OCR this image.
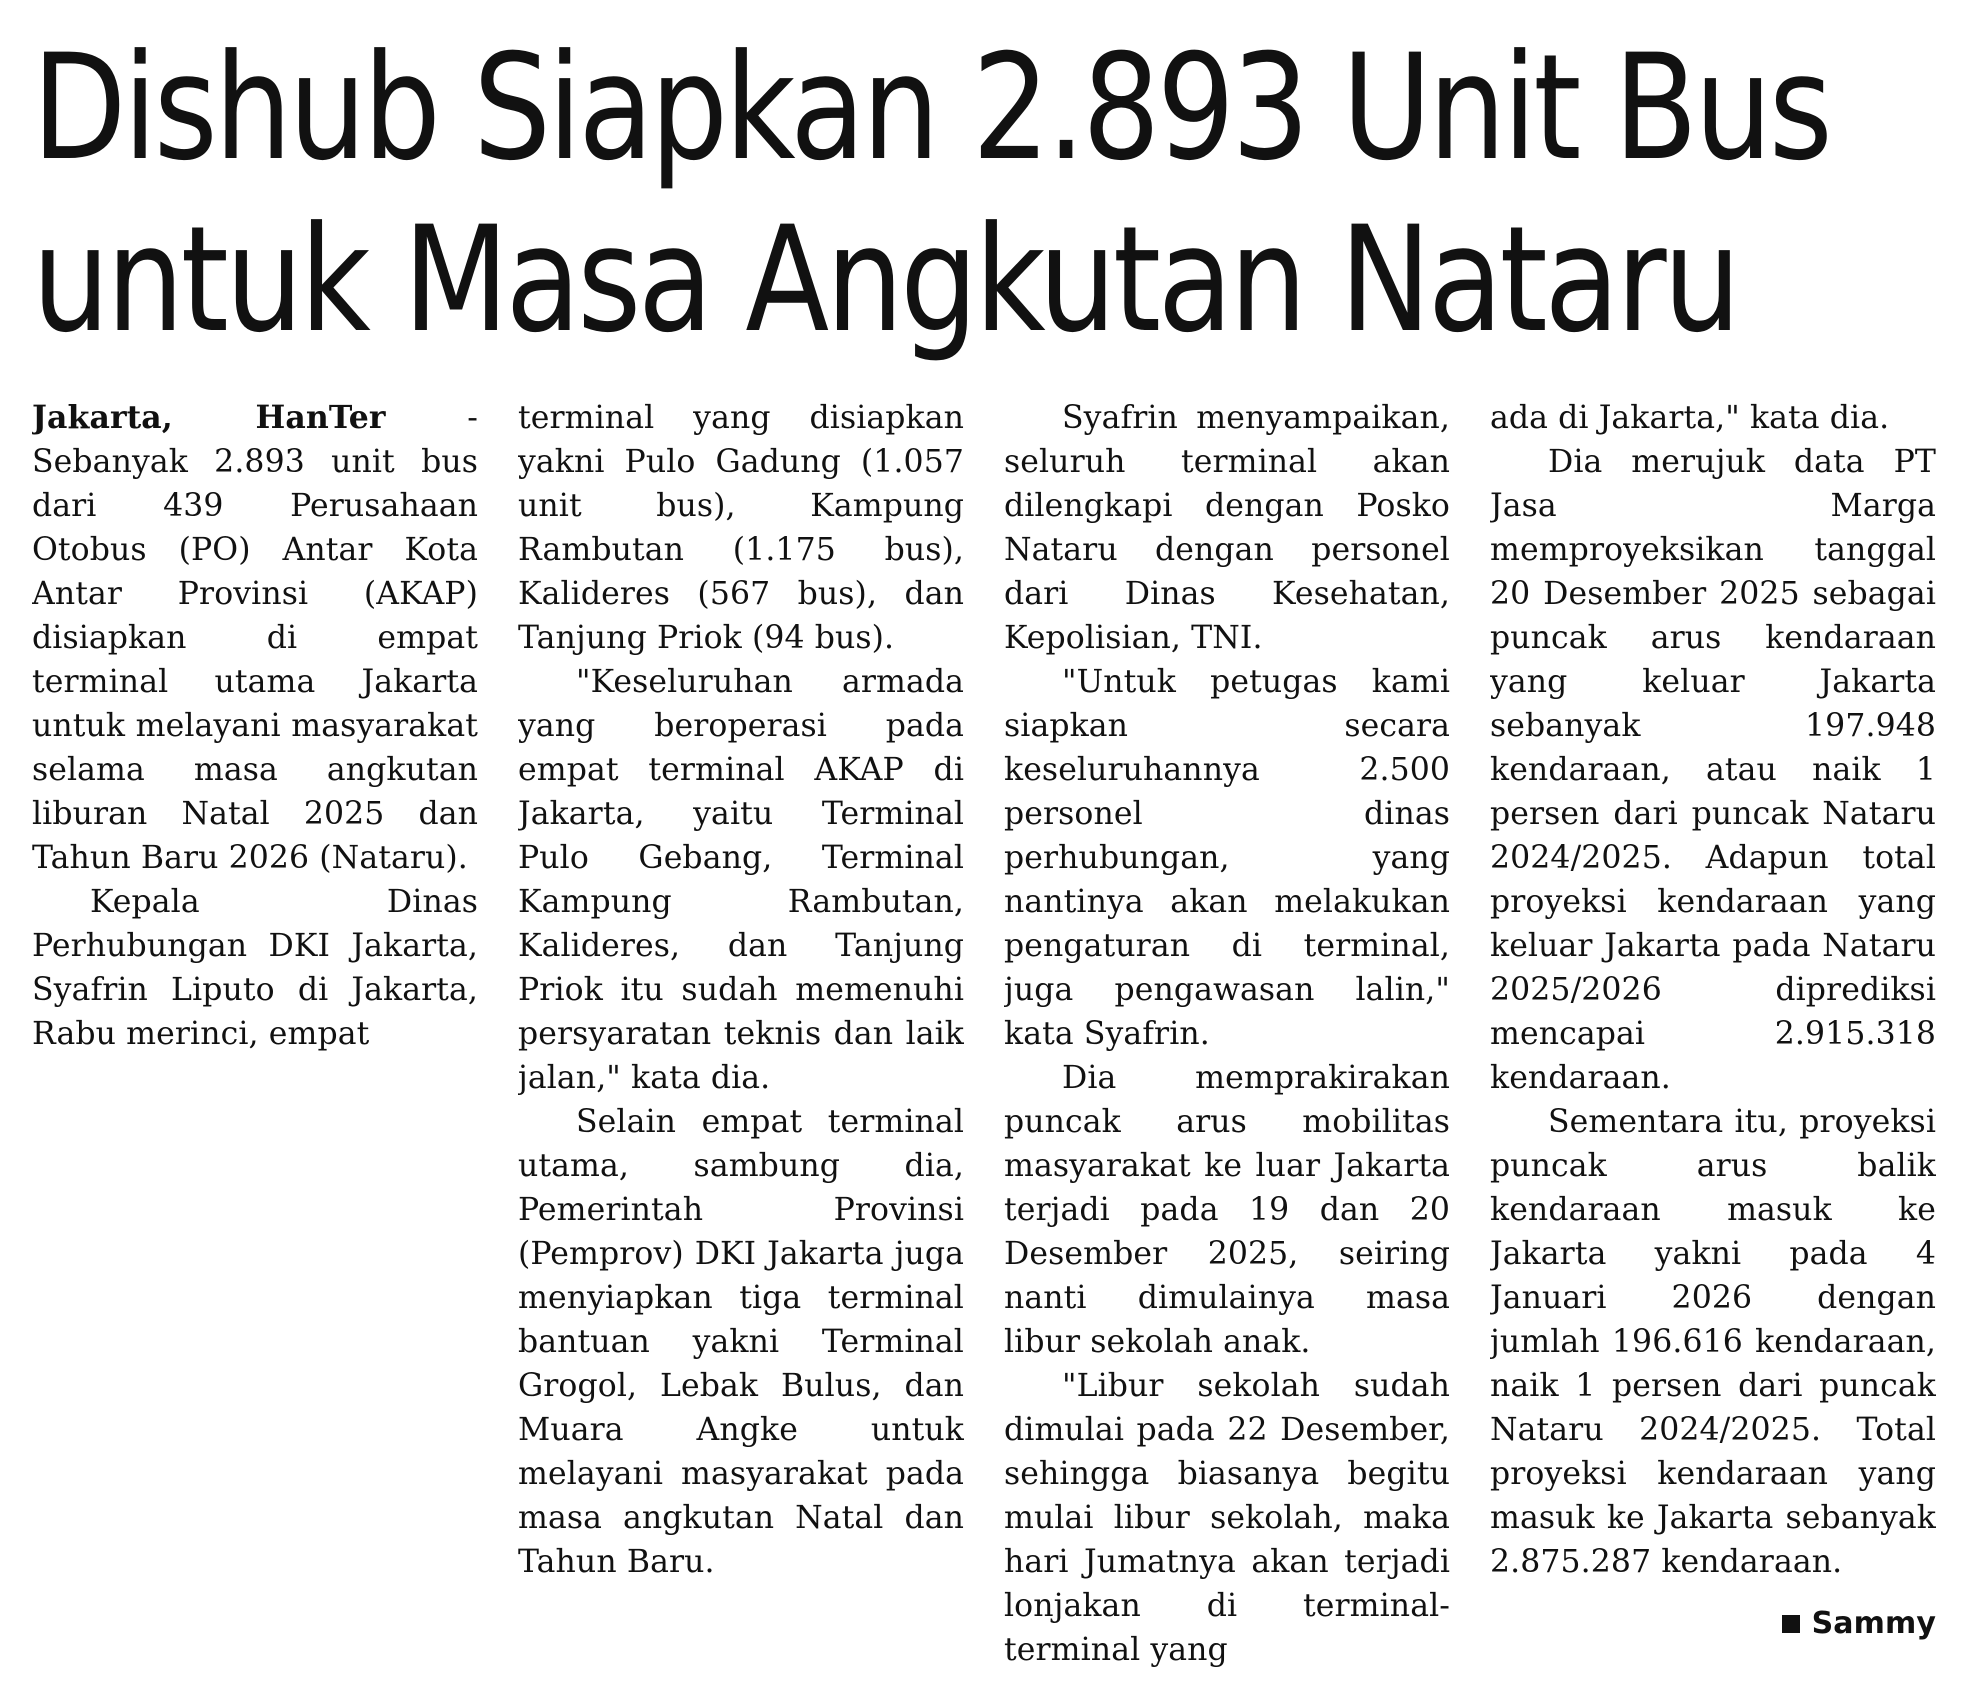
Dishub Siapkan 2.893 Unit Bus
untuk Masa Angkutan Nataru

Jakarta, HanTer - Sebanyak 2.893 unit bus dari 439 Perusahaan Otobus (PO) Antar Kota Antar Provinsi (AKAP) disiapkan di empat terminal utama Jakarta untuk melayani masyarakat selama masa angkutan liburan Natal 2025 dan Tahun Baru 2026 (Nataru).

Kepala Dinas Perhubungan DKI Jakarta, Syafrin Liputo di Jakarta, Rabu merinci, empat

terminal yang disiapkan yakni Pulo Gadung (1.057 unit bus), Kampung Rambutan (1.175 bus), Kalideres (567 bus), dan Tanjung Priok (94 bus).

"Keseluruhan armada yang beroperasi pada empat terminal AKAP di Jakarta, yaitu Terminal Pulo Gebang, Terminal Kampung Rambutan, Kalideres, dan Tanjung Priok itu sudah memenuhi persyaratan teknis dan laik jalan," kata dia.

Selain empat terminal utama, sambung dia, Pemerintah Provinsi (Pemprov) DKI Jakarta juga menyiapkan tiga terminal bantuan yakni Terminal Grogol, Lebak Bulus, dan Muara Angke untuk melayani masyarakat pada masa angkutan Natal dan Tahun Baru.

Syafrin menyampaikan, seluruh terminal akan dilengkapi dengan Posko Nataru dengan personel dari Dinas Kesehatan, Kepolisian, TNI.

"Untuk petugas kami siapkan secara keseluruhannya 2.500 personel dinas perhubungan, yang nantinya akan melakukan pengaturan di terminal, juga pengawasan lalin," kata Syafrin.

Dia memprakirakan puncak arus mobilitas masyarakat ke luar Jakarta terjadi pada 19 dan 20 Desember 2025, seiring nanti dimulainya masa libur sekolah anak.

"Libur sekolah sudah dimulai pada 22 Desember, sehingga biasanya begitu mulai libur sekolah, maka hari Jumatnya akan terjadi lonjakan di terminal-terminal yang

ada di Jakarta," kata dia.

Dia merujuk data PT Jasa Marga memproyeksikan tanggal 20 Desember 2025 sebagai puncak arus kendaraan yang keluar Jakarta sebanyak 197.948 kendaraan, atau naik 1 persen dari puncak Nataru 2024/2025. Adapun total proyeksi kendaraan yang keluar Jakarta pada Nataru 2025/2026 diprediksi mencapai 2.915.318 kendaraan.

Sementara itu, proyeksi puncak arus balik kendaraan masuk ke Jakarta yakni pada 4 Januari 2026 dengan jumlah 196.616 kendaraan, naik 1 persen dari puncak Nataru 2024/2025. Total proyeksi kendaraan yang masuk ke Jakarta sebanyak 2.875.287 kendaraan.

Sammy
